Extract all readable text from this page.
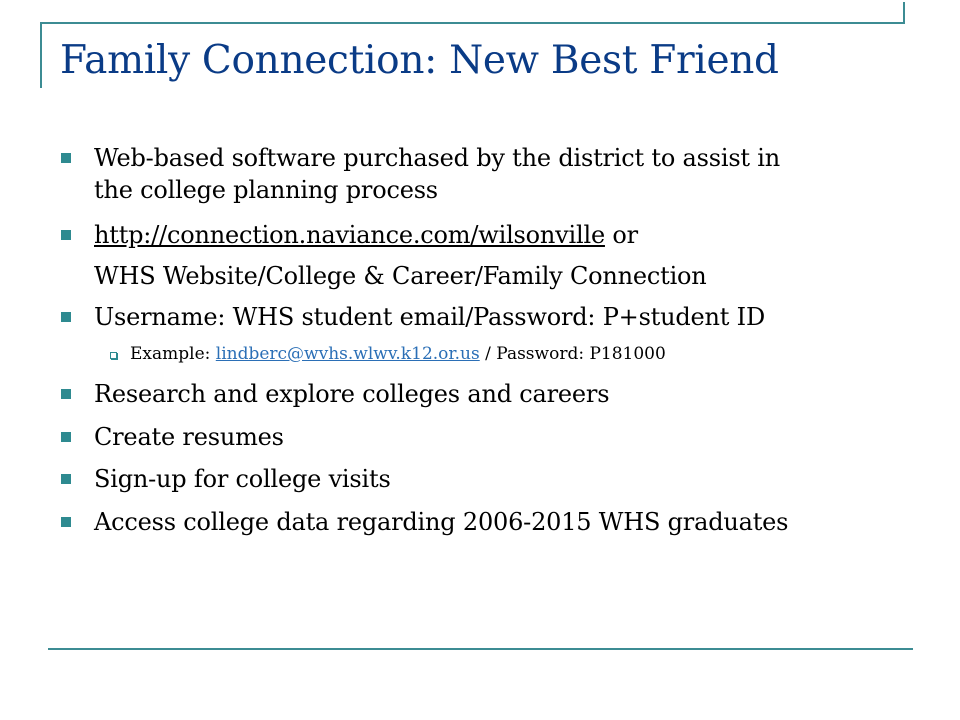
Family Connection: New Best Friend
Web-based software purchased by the district to assist in
the college planning process
http://connection.naviance.com/wilsonville or
WHS Website/College & Career/Family Connection
Username: WHS student email/Password: P+student ID
Example: lindberc@wvhs.wlwv.k12.or.us / Password: P181000
Research and explore colleges and careers
Create resumes
Sign-up for college visits
Access college data regarding 2006-2015 WHS graduates
